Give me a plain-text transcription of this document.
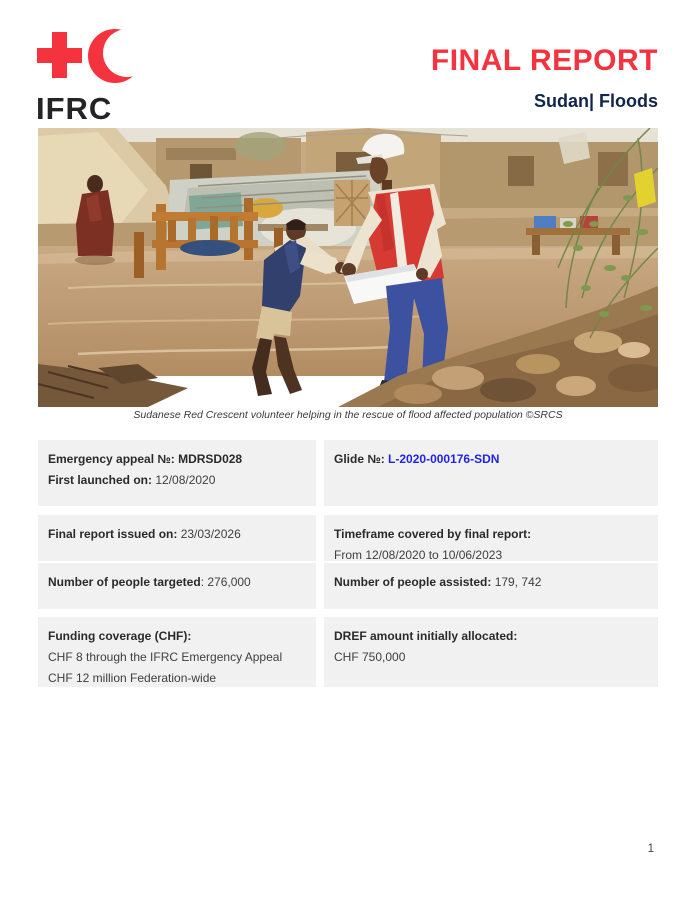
IFRC
FINAL REPORT
Sudan| Floods
Sudanese Red Crescent volunteer helping in the rescue of flood affected population ©SRCS
Emergency appeal №: MDRSD028
First launched on: 12/08/2020
Glide №: L-2020-000176-SDN
Final report issued on: 23/03/2026	Timeframe covered by final report:
From 12/08/2020 to 10/06/2023
Number of people targeted: 276,000	Number of people assisted: 179, 742
Funding coverage (CHF):
CHF 8 through the IFRC Emergency Appeal
CHF 12 million Federation-wide
DREF amount initially allocated:
CHF 750,000
1
